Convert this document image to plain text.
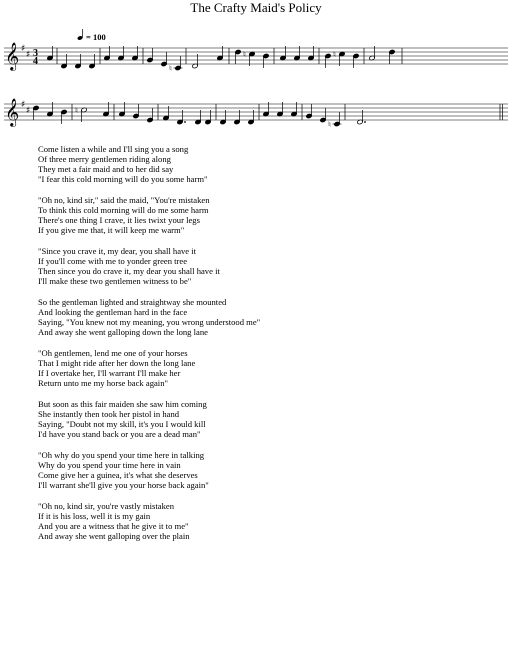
The Crafty Maid's Policy
𝄞 ♯
♯
𝄞 ♯
♯
3
4
= 100
♮
♮	♮
♮
♮
Come listen a while and I'll sing you a song
Of three merry gentlemen riding along
They met a fair maid and to her did say
"I fear this cold morning will do you some harm"
"Oh no, kind sir," said the maid, "You're mistaken
To think this cold morning will do me some harm
There's one thing I crave, it lies twixt your legs
If you give me that, it will keep me warm"
"Since you crave it, my dear, you shall have it
If you'll come with me to yonder green tree
Then since you do crave it, my dear you shall have it
I'll make these two gentlemen witness to be"
So the gentleman lighted and straightway she mounted
And looking the gentleman hard in the face
Saying, "You knew not my meaning, you wrong understood me"
And away she went galloping down the long lane
"Oh gentlemen, lend me one of your horses
That I might ride after her down the long lane
If I overtake her, I'll warrant I'll make her
Return unto me my horse back again"
But soon as this fair maiden she saw him coming
She instantly then took her pistol in hand
Saying, "Doubt not my skill, it's you I would kill
I'd have you stand back or you are a dead man"
"Oh why do you spend your time here in talking
Why do you spend your time here in vain
Come give her a guinea, it's what she deserves
I'll warrant she'll give you your horse back again"
"Oh no, kind sir, you're vastly mistaken
If it is his loss, well it is my gain
And you are a witness that he give it to me"
And away she went galloping over the plain
